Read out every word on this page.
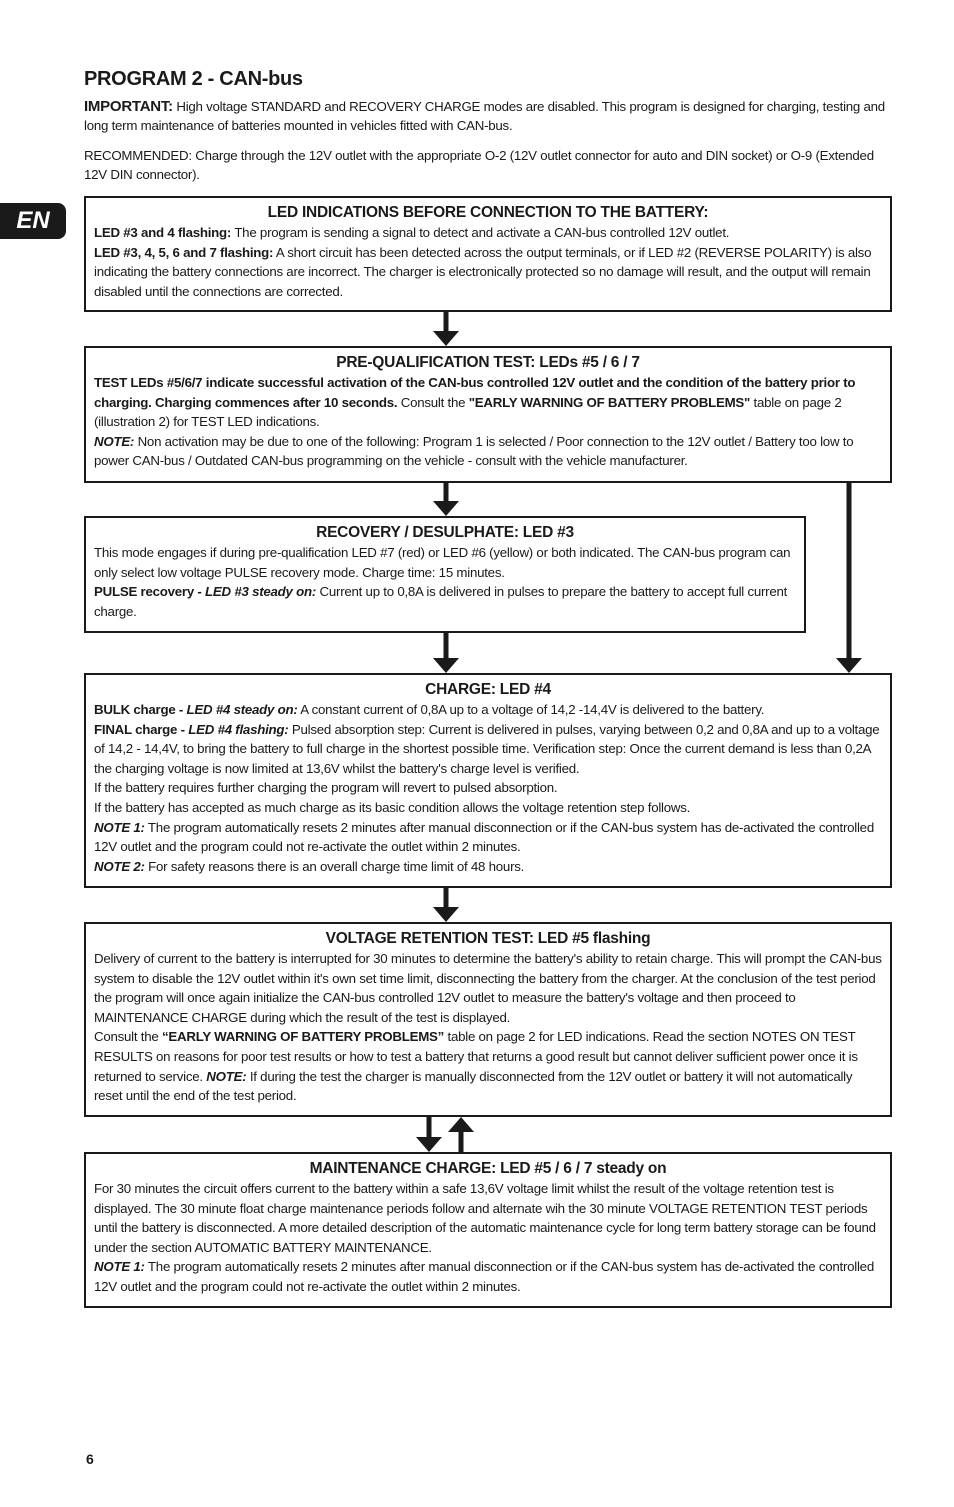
PROGRAM 2 - CAN-bus
IMPORTANT: High voltage STANDARD and RECOVERY CHARGE modes are disabled. This program is designed for charging, testing and long term maintenance of batteries mounted in vehicles fitted with CAN-bus.
RECOMMENDED: Charge through the 12V outlet with the appropriate O-2 (12V outlet connector for auto and DIN socket) or O-9 (Extended 12V DIN connector).
EN	LED INDICATIONS BEFORE CONNECTION TO THE BATTERY:

LED #3 and 4 flashing: The program is sending a signal to detect and activate a CAN-bus controlled 12V outlet.

LED #3, 4, 5, 6 and 7 flashing: A short circuit has been detected across the output terminals, or if LED #2 (REVERSE POLARITY) is also indicating the battery connections are incorrect. The charger is electronically protected so no damage will result, and the output will remain disabled until the connections are corrected.

PRE-QUALIFICATION TEST: LEDs #5 / 6 / 7

TEST LEDs #5/6/7 indicate successful activation of the CAN-bus controlled 12V outlet and the condition of the battery prior to charging. Charging commences after 10 seconds. Consult the "EARLY WARNING OF BATTERY PROBLEMS" table on page 2 (illustration 2) for TEST LED indications.

NOTE: Non activation may be due to one of the following: Program 1 is selected / Poor connection to the 12V outlet / Battery too low to power CAN-bus / Outdated CAN-bus programming on the vehicle - consult with the vehicle manufacturer.

RECOVERY / DESULPHATE: LED #3

This mode engages if during pre-qualification LED #7 (red) or LED #6 (yellow) or both indicated. The CAN-bus program can only select low voltage PULSE recovery mode. Charge time: 15 minutes.

PULSE recovery - LED #3 steady on: Current up to 0,8A is delivered in pulses to prepare the battery to accept full current charge.

CHARGE: LED #4

BULK charge - LED #4 steady on: A constant current of 0,8A up to a voltage of 14,2 -14,4V is delivered to the battery.

FINAL charge - LED #4 flashing: Pulsed absorption step: Current is delivered in pulses, varying between 0,2 and 0,8A and up to a voltage of 14,2 - 14,4V, to bring the battery to full charge in the shortest possible time. Verification step: Once the current demand is less than 0,2A the charging voltage is now limited at 13,6V whilst the battery's charge level is verified.

If the battery requires further charging the program will revert to pulsed absorption.

If the battery has accepted as much charge as its basic condition allows the voltage retention step follows.

NOTE 1: The program automatically resets 2 minutes after manual disconnection or if the CAN-bus system has de-activated the controlled 12V outlet and the program could not re-activate the outlet within 2 minutes.

NOTE 2: For safety reasons there is an overall charge time limit of 48 hours.

VOLTAGE RETENTION TEST: LED #5 flashing

Delivery of current to the battery is interrupted for 30 minutes to determine the battery's ability to retain charge. This will prompt the CAN-bus system to disable the 12V outlet within it's own set time limit, disconnecting the battery from the charger. At the conclusion of the test period the program will once again initialize the CAN-bus controlled 12V outlet to measure the battery's voltage and then proceed to MAINTENANCE CHARGE during which the result of the test is displayed.

Consult the “EARLY WARNING OF BATTERY PROBLEMS” table on page 2 for LED indications. Read the section NOTES ON TEST RESULTS on reasons for poor test results or how to test a battery that returns a good result but cannot deliver sufficient power once it is returned to service. NOTE: If during the test the charger is manually disconnected from the 12V outlet or battery it will not automatically reset until the end of the test period.

MAINTENANCE CHARGE: LED #5 / 6 / 7 steady on

For 30 minutes the circuit offers current to the battery within a safe 13,6V voltage limit whilst the result of the voltage retention test is displayed. The 30 minute float charge maintenance periods follow and alternate wih the 30 minute VOLTAGE RETENTION TEST periods until the battery is disconnected. A more detailed description of the automatic maintenance cycle for long term battery storage can be found under the section AUTOMATIC BATTERY MAINTENANCE.

NOTE 1: The program automatically resets 2 minutes after manual disconnection or if the CAN-bus system has de-activated the controlled 12V outlet and the program could not re-activate the outlet within 2 minutes.

6
